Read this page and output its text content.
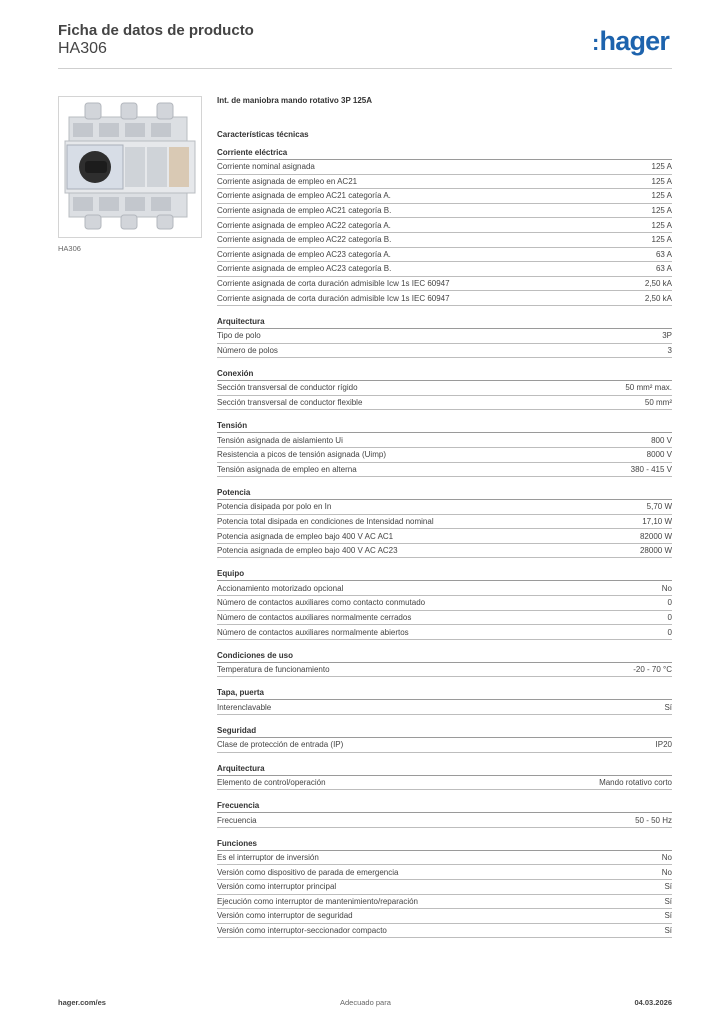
Ficha de datos de producto
HA306	:hager
HA306
Int. de maniobra mando rotativo 3P 125A
Características técnicas
Corriente eléctrica
Corriente nominal asignada	125 A
Corriente asignada de empleo en AC21	125 A
Corriente asignada de empleo AC21 categoría A.	125 A
Corriente asignada de empleo AC21 categoría B.	125 A
Corriente asignada de empleo AC22 categoría A.	125 A
Corriente asignada de empleo AC22 categoría B.	125 A
Corriente asignada de empleo AC23 categoría A.	63 A
Corriente asignada de empleo AC23 categoría B.	63 A
Corriente asignada de corta duración admisible Icw 1s IEC 60947	2,50 kA
Corriente asignada de corta duración admisible Icw 1s IEC 60947	2,50 kA
Arquitectura
Tipo de polo	3P
Número de polos	3
Conexión
Sección transversal de conductor rígido	50 mm² max.
Sección transversal de conductor flexible	50 mm²
Tensión
Tensión asignada de aislamiento Ui	800 V
Resistencia a picos de tensión asignada (Uimp)	8000 V
Tensión asignada de empleo en alterna	380 - 415 V
Potencia
Potencia disipada por polo en In	5,70 W
Potencia total disipada en condiciones de Intensidad nominal	17,10 W
Potencia asignada de empleo bajo 400 V AC AC1	82000 W
Potencia asignada de empleo bajo 400 V AC AC23	28000 W
Equipo
Accionamiento motorizado opcional	No
Número de contactos auxiliares como contacto conmutado	0
Número de contactos auxiliares normalmente cerrados	0
Número de contactos auxiliares normalmente abiertos	0
Condiciones de uso
Temperatura de funcionamiento	-20 - 70 °C
Tapa, puerta
Interenclavable	Sí
Seguridad
Clase de protección de entrada (IP)	IP20
Arquitectura
Elemento de control/operación	Mando rotativo corto
Frecuencia
Frecuencia	50 - 50 Hz
Funciones
Es el interruptor de inversión	No
Versión como dispositivo de parada de emergencia	No
Versión como interruptor principal	Sí
Ejecución como interruptor de mantenimiento/reparación	Sí
Versión como interruptor de seguridad	Sí
Versión como interruptor-seccionador compacto	Sí
hager.com/es	Adecuado para	04.03.2026
